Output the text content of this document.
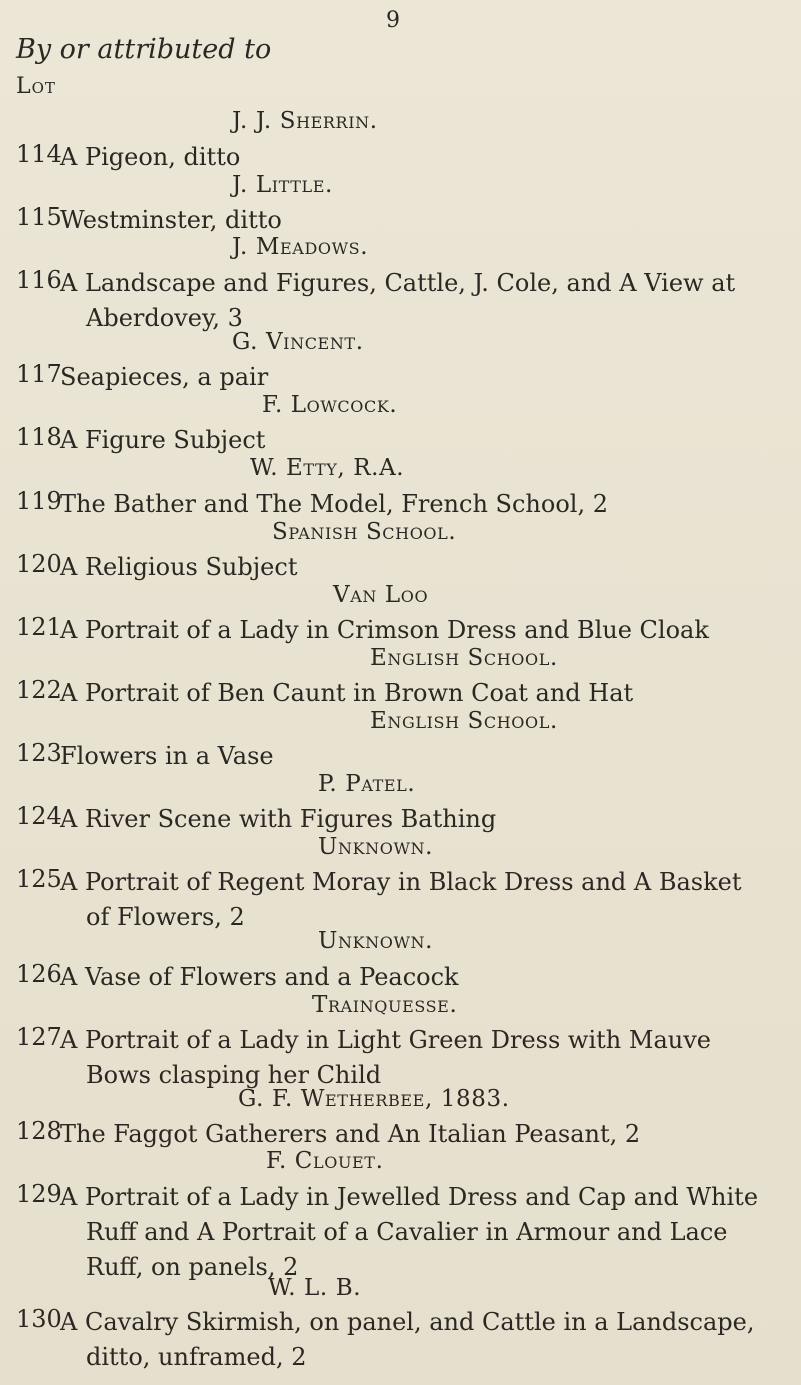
9
By or attributed to
Lot
J. J. Sherrin.
114
A Pigeon, ditto
J. Little.
115
Westminster, ditto
J. Meadows.
116
A Landscape and Figures, Cattle, J. Cole, and A View at
Aberdovey, 3
G. Vincent.
117
Seapieces, a pair
F. Lowcock.
118
A Figure Subject
W. Etty, R.A.
119
The Bather and The Model, French School, 2
Spanish School.
120
A Religious Subject
Van Loo
121
A Portrait of a Lady in Crimson Dress and Blue Cloak
English School.
122
A Portrait of Ben Caunt in Brown Coat and Hat
English School.
123
Flowers in a Vase
P. Patel.
124
A River Scene with Figures Bathing
Unknown.
125
A Portrait of Regent Moray in Black Dress and A Basket
of Flowers, 2
Unknown.
126
A Vase of Flowers and a Peacock
Trainquesse.
127
A Portrait of a Lady in Light Green Dress with Mauve
Bows clasping her Child
G. F. Wetherbee, 1883.
128
The Faggot Gatherers and An Italian Peasant, 2
F. Clouet.
129
A Portrait of a Lady in Jewelled Dress and Cap and White
Ruff and A Portrait of a Cavalier in Armour and Lace
Ruff, on panels, 2
W. L. B.
130
A Cavalry Skirmish, on panel, and Cattle in a Landscape,
ditto, unframed, 2
